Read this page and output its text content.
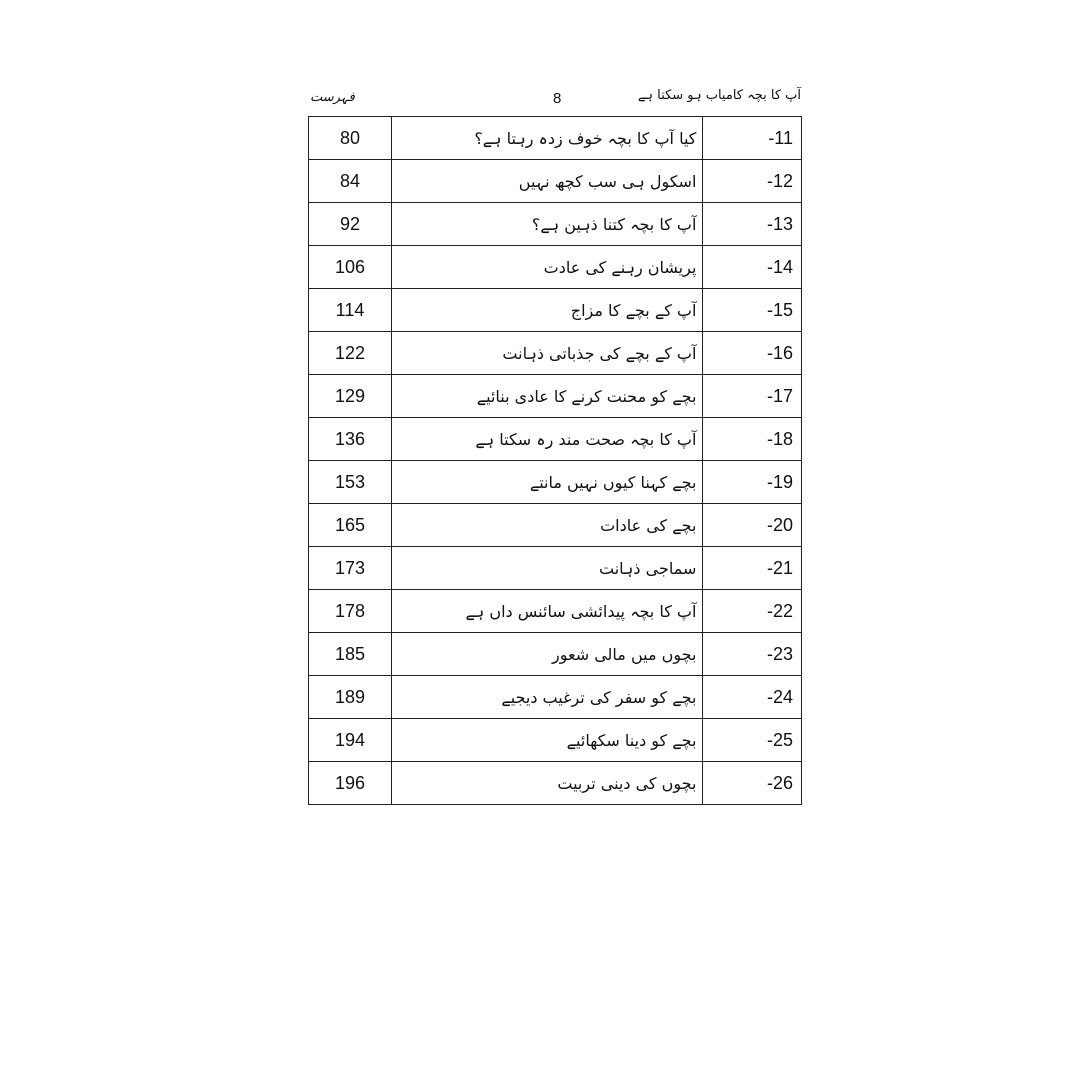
فہرست	8	آپ کا بچہ کامیاب ہو سکتا ہے
80	کیا آپ کا بچہ خوف زدہ رہتا ہے؟	-11
84	اسکول ہی سب کچھ نہیں	-12
92	آپ کا بچہ کتنا ذہین ہے؟	-13
106	پریشان رہنے کی عادت	-14
114	آپ کے بچے کا مزاج	-15
122	آپ کے بچے کی جذباتی ذہانت	-16
129	بچے کو محنت کرنے کا عادی بنائیے	-17
136	آپ کا بچہ صحت مند رہ سکتا ہے	-18
153	بچے کہنا کیوں نہیں مانتے	-19
165	بچے کی عادات	-20
173	سماجی ذہانت	-21
178	آپ کا بچہ پیدائشی سائنس داں ہے	-22
185	بچوں میں مالی شعور	-23
189	بچے کو سفر کی ترغیب دیجیے	-24
194	بچے کو دینا سکھائیے	-25
196	بچوں کی دینی تربیت	-26
